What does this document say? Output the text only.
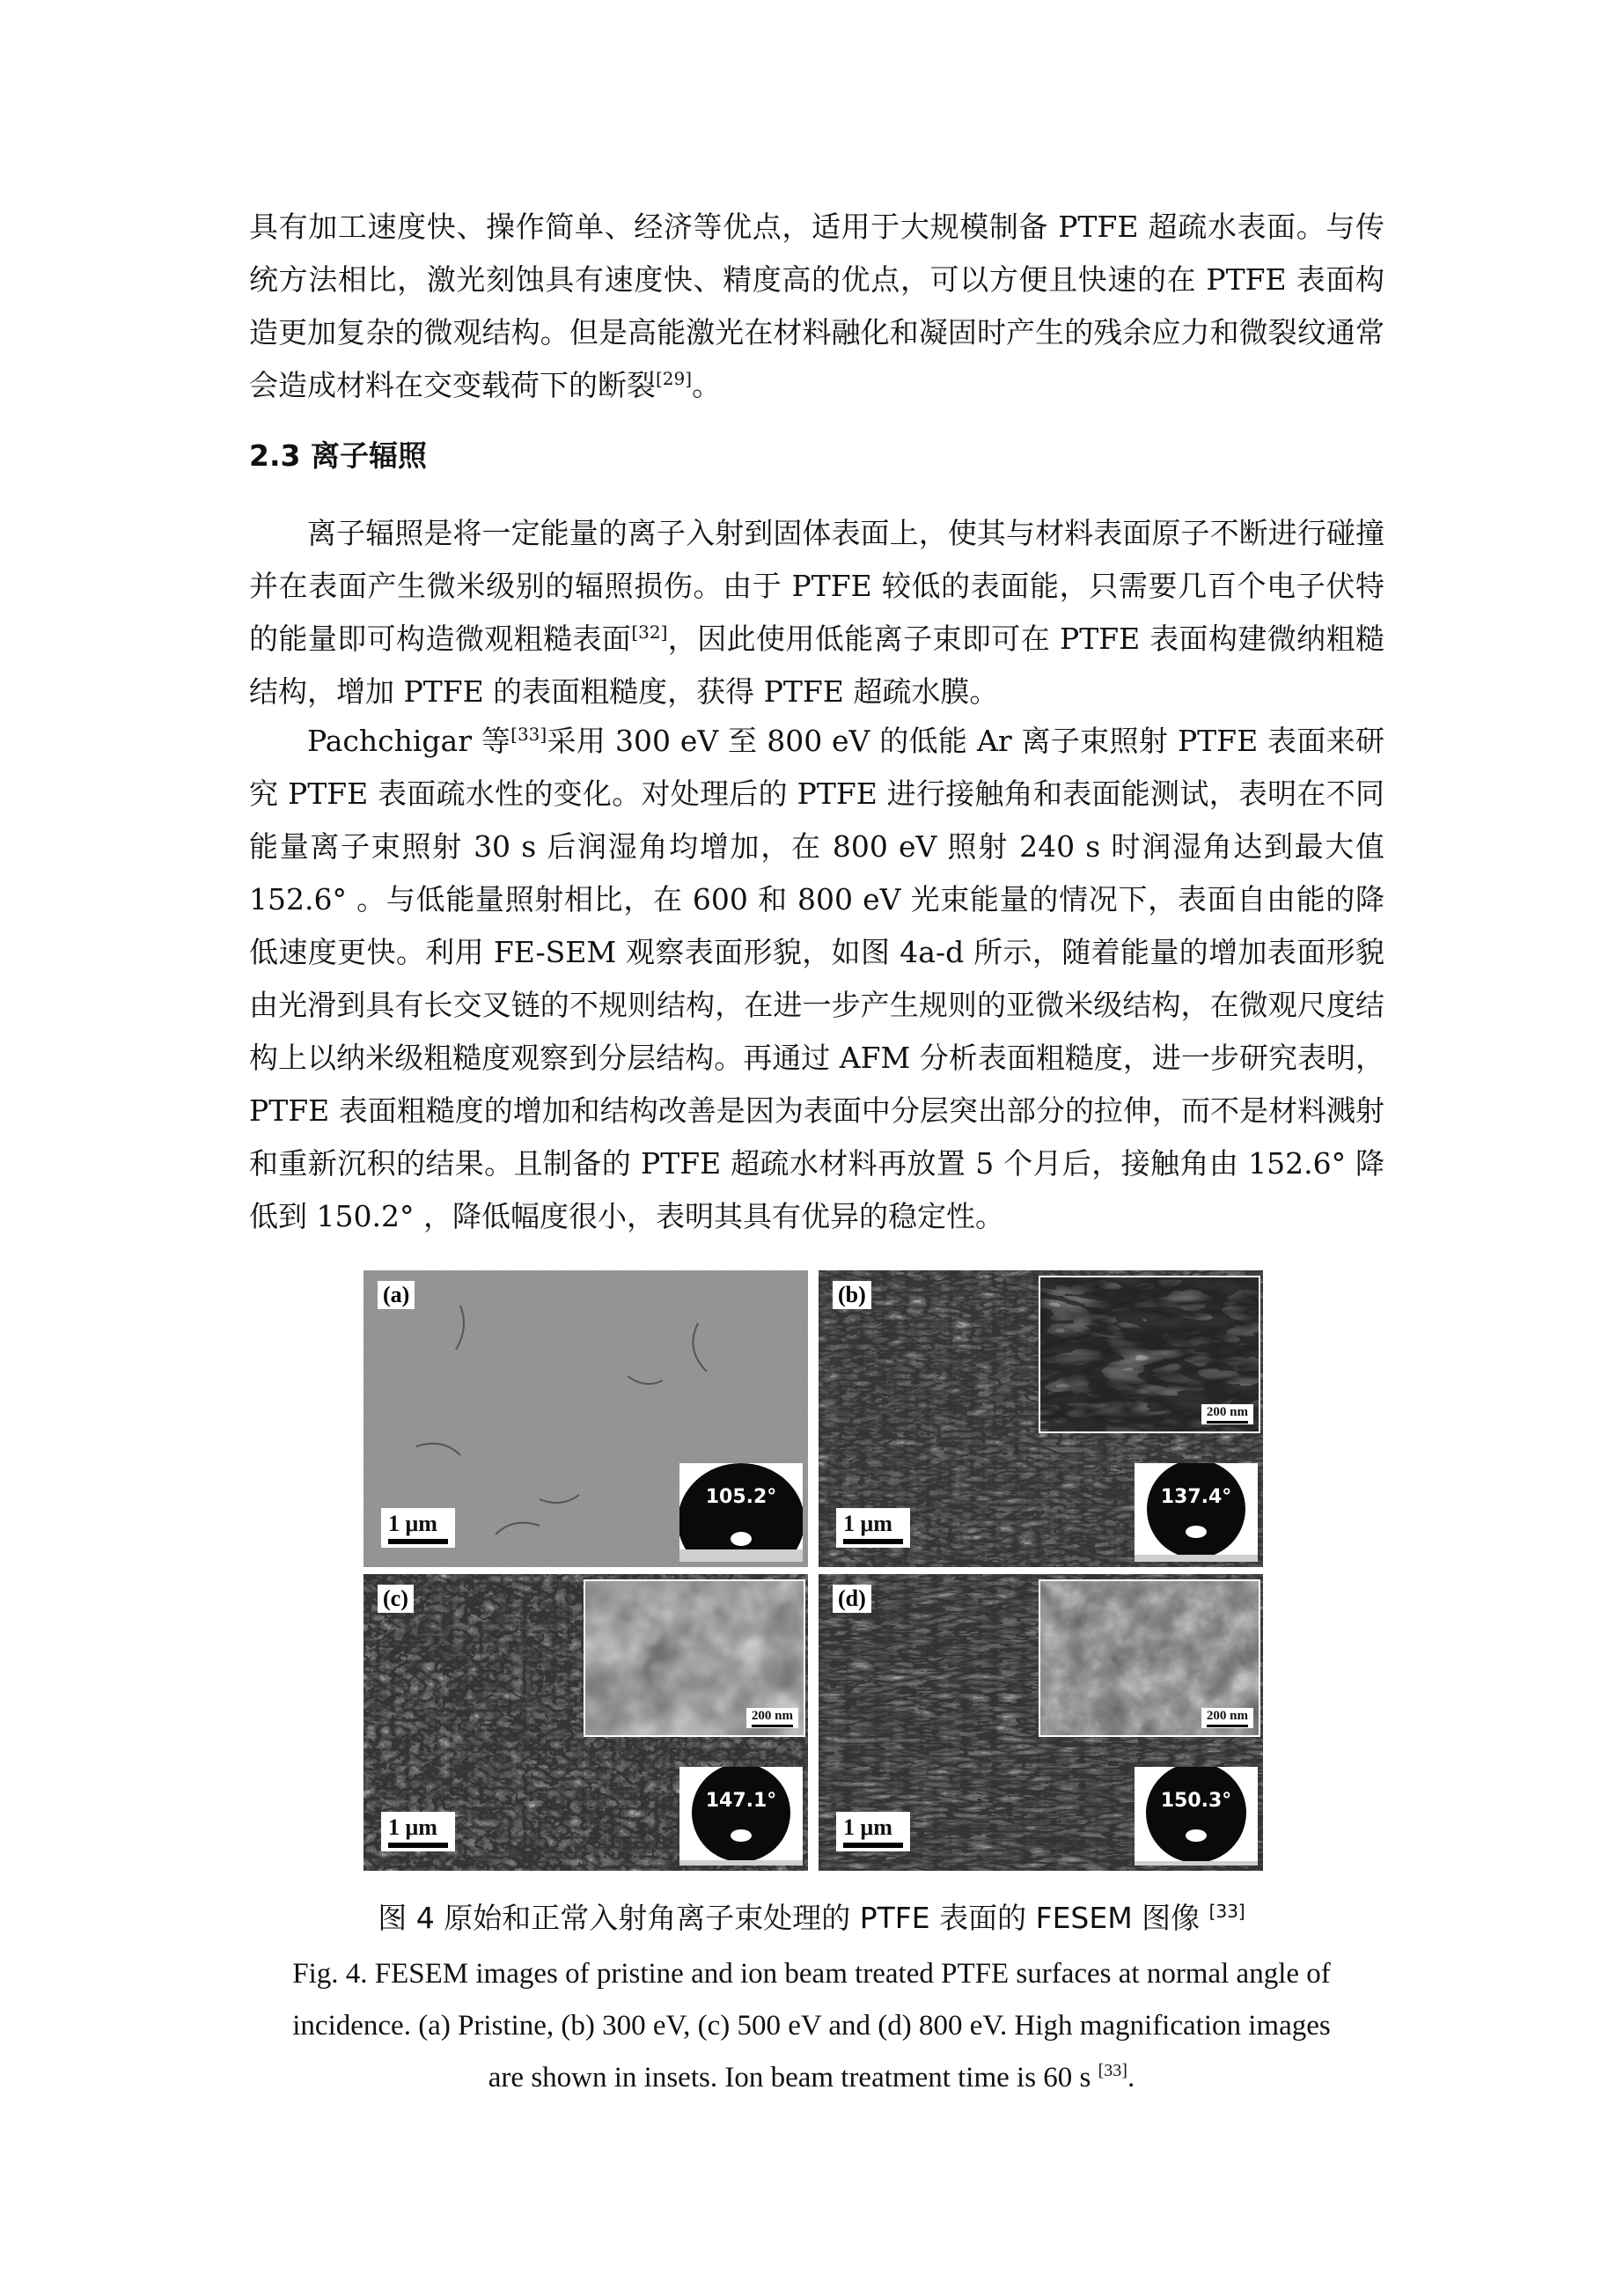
具有加工速度快、操作简单、经济等优点，适用于大规模制备 PTFE 超疏水表面。与传统方法相比，激光刻蚀具有速度快、精度高的优点，可以方便且快速的在 PTFE 表面构造更加复杂的微观结构。但是高能激光在材料融化和凝固时产生的残余应力和微裂纹通常会造成材料在交变载荷下的断裂[29]。

2.3 离子辐照

离子辐照是将一定能量的离子入射到固体表面上，使其与材料表面原子不断进行碰撞并在表面产生微米级别的辐照损伤。由于 PTFE 较低的表面能，只需要几百个电子伏特的能量即可构造微观粗糙表面[32]，因此使用低能离子束即可在 PTFE 表面构建微纳粗糙结构，增加 PTFE 的表面粗糙度，获得 PTFE 超疏水膜。

Pachchigar 等[33]采用 300 eV 至 800 eV 的低能 Ar 离子束照射 PTFE 表面来研究 PTFE 表面疏水性的变化。对处理后的 PTFE 进行接触角和表面能测试，表明在不同能量离子束照射 30 s 后润湿角均增加，在 800 eV 照射 240 s 时润湿角达到最大值 152.6° 。与低能量照射相比，在 600 和 800 eV 光束能量的情况下，表面自由能的降低速度更快。利用 FE-SEM 观察表面形貌，如图 4a-d 所示，随着能量的增加表面形貌由光滑到具有长交叉链的不规则结构，在进一步产生规则的亚微米级结构，在微观尺度结构上以纳米级粗糙度观察到分层结构。再通过 AFM 分析表面粗糙度，进一步研究表明，PTFE 表面粗糙度的增加和结构改善是因为表面中分层突出部分的拉伸，而不是材料溅射和重新沉积的结果。且制备的 PTFE 超疏水材料再放置 5 个月后，接触角由 152.6° 降低到 150.2° ，降低幅度很小，表明其具有优异的稳定性。

(a)
1 μm
105.2°
200 nm
(b)
1 μm
137.4°
200 nm
(c)
1 μm
147.1°
200 nm
(d)
1 μm
150.3°

图 4 原始和正常入射角离子束处理的 PTFE 表面的 FESEM 图像 [33]

Fig. 4. FESEM images of pristine and ion beam treated PTFE surfaces at normal angle of incidence. (a) Pristine, (b) 300 eV, (c) 500 eV and (d) 800 eV. High magnification images are shown in insets. Ion beam treatment time is 60 s [33].
